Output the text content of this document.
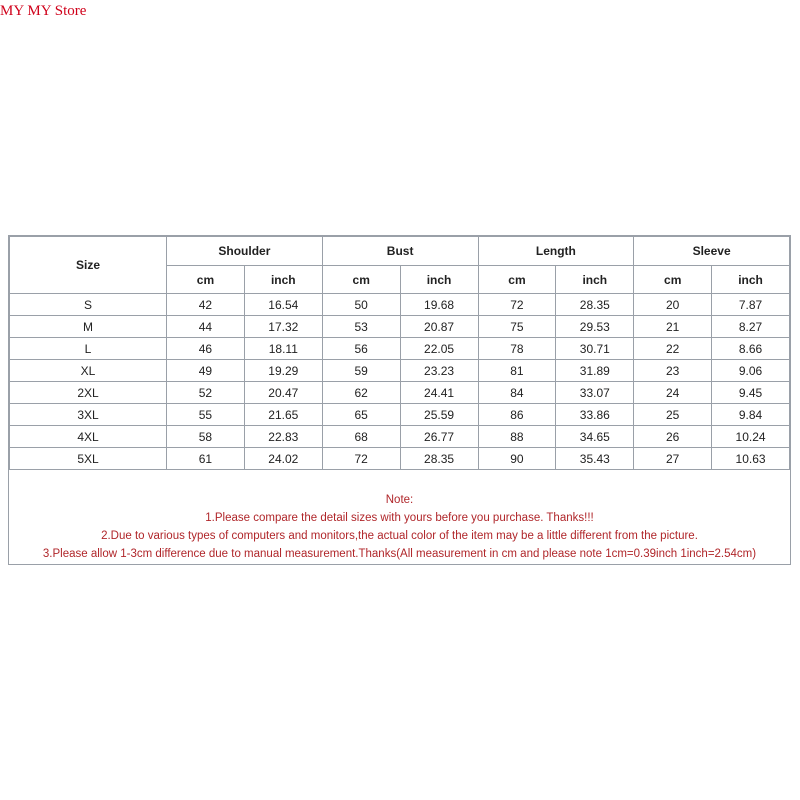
MY MY Store
Size	Shoulder		Bust		Length		Sleeve	
	cm	inch	cm	inch	cm	inch	cm	inch
S	42	16.54	50	19.68	72	28.35	20	7.87
M	44	17.32	53	20.87	75	29.53	21	8.27
L	46	18.11	56	22.05	78	30.71	22	8.66
XL	49	19.29	59	23.23	81	31.89	23	9.06
2XL	52	20.47	62	24.41	84	33.07	24	9.45
3XL	55	21.65	65	25.59	86	33.86	25	9.84
4XL	58	22.83	68	26.77	88	34.65	26	10.24
5XL	61	24.02	72	28.35	90	35.43	27	10.63
Note:
1.Please compare the detail sizes with yours before you purchase. Thanks!!!
2.Due to various types of computers and monitors,the actual color of the item may be a little different from the picture.
3.Please allow 1-3cm difference due to manual measurement.Thanks(All measurement in cm and please note 1cm=0.39inch 1inch=2.54cm)
